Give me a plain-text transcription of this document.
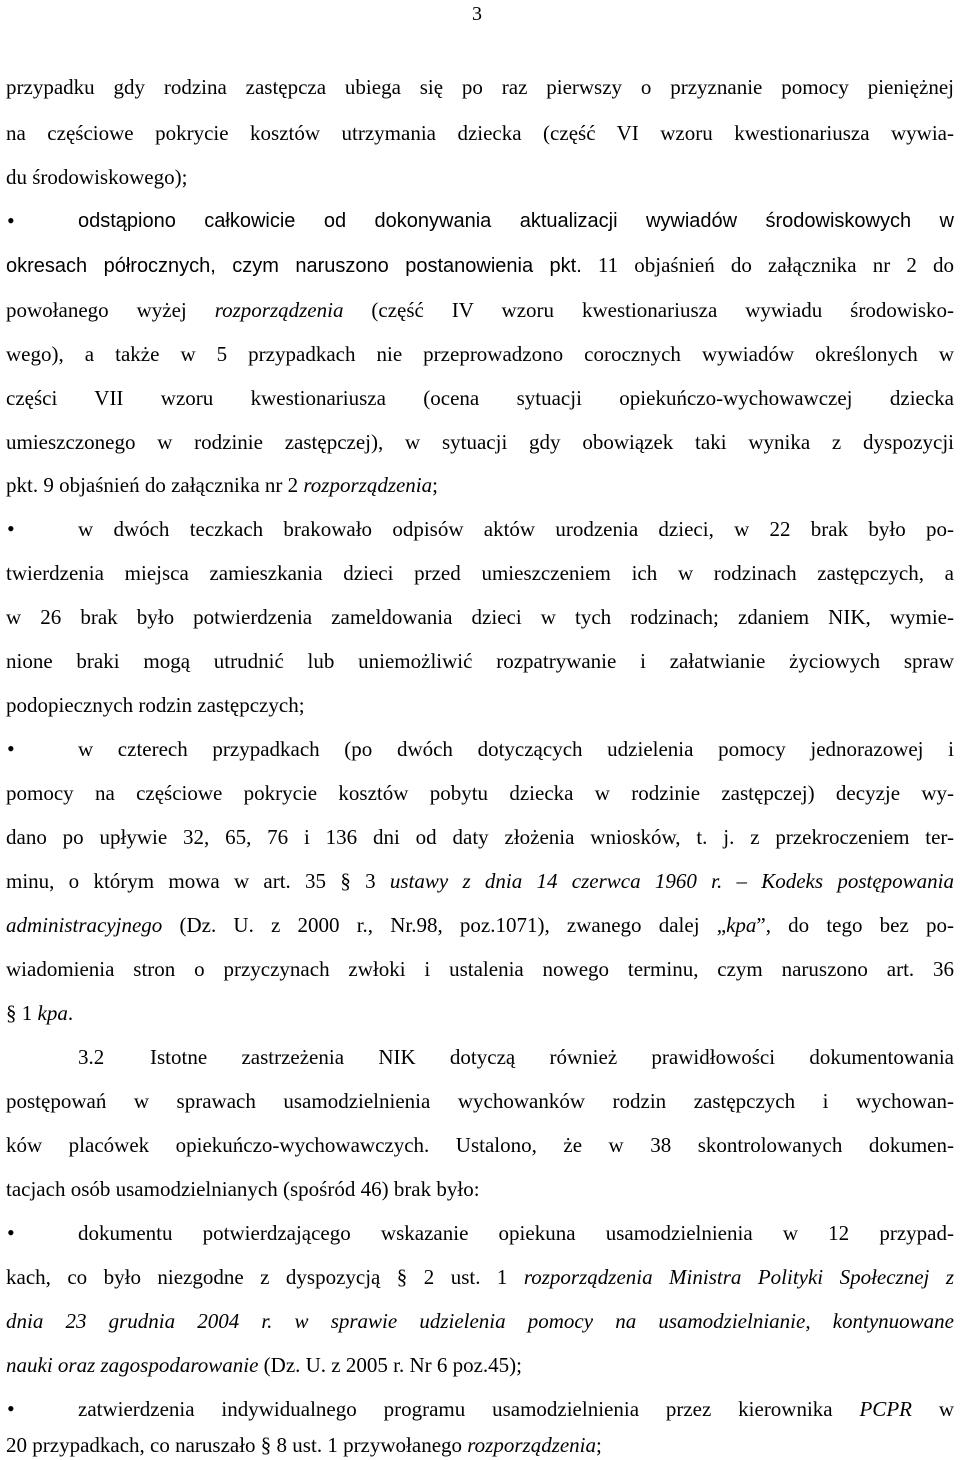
3
przypadku gdy rodzina zastępcza ubiega się po raz pierwszy o przyznanie pomocy pieniężnej
na częściowe pokrycie kosztów utrzymania dziecka (część VI wzoru kwestionariusza wywia-
du środowiskowego);
•	odstąpiono całkowicie od dokonywania aktualizacji wywiadów środowiskowych w
okresach półrocznych, czym naruszono postanowienia pkt. 11 objaśnień do załącznika nr 2 do
powołanego wyżej rozporządzenia (część IV wzoru kwestionariusza wywiadu środowisko-
wego), a także w 5 przypadkach nie przeprowadzono corocznych wywiadów określonych w
części VII wzoru kwestionariusza (ocena sytuacji opiekuńczo-wychowawczej dziecka
umieszczonego w rodzinie zastępczej), w sytuacji gdy obowiązek taki wynika z dyspozycji
pkt. 9 objaśnień do załącznika nr 2 rozporządzenia;
•	w dwóch teczkach brakowało odpisów aktów urodzenia dzieci, w 22 brak było po-
twierdzenia miejsca zamieszkania dzieci przed umieszczeniem ich w rodzinach zastępczych, a
w 26 brak było potwierdzenia zameldowania dzieci w tych rodzinach; zdaniem NIK, wymie-
nione braki mogą utrudnić lub uniemożliwić rozpatrywanie i załatwianie życiowych spraw
podopiecznych rodzin zastępczych;
•	w czterech przypadkach (po dwóch dotyczących udzielenia pomocy jednorazowej i
pomocy na częściowe pokrycie kosztów pobytu dziecka w rodzinie zastępczej) decyzje wy-
dano po upływie 32, 65, 76 i 136 dni od daty złożenia wniosków, t. j. z przekroczeniem ter-
minu, o którym mowa w art. 35 § 3 ustawy z dnia 14 czerwca 1960 r. – Kodeks postępowania
administracyjnego (Dz. U. z 2000 r., Nr.98, poz.1071), zwanego dalej „kpa”, do tego bez po-
wiadomienia stron o przyczynach zwłoki i ustalenia nowego terminu, czym naruszono art. 36
§ 1 kpa.
3.2 Istotne zastrzeżenia NIK dotyczą również prawidłowości dokumentowania
postępowań w sprawach usamodzielnienia wychowanków rodzin zastępczych i wychowan-
ków placówek opiekuńczo-wychowawczych. Ustalono, że w 38 skontrolowanych dokumen-
tacjach osób usamodzielnianych (spośród 46) brak było:
•	dokumentu potwierdzającego wskazanie opiekuna usamodzielnienia w 12 przypad-
kach, co było niezgodne z dyspozycją § 2 ust. 1 rozporządzenia Ministra Polityki Społecznej z
dnia 23 grudnia 2004 r. w sprawie udzielenia pomocy na usamodzielnianie, kontynuowane
nauki oraz zagospodarowanie (Dz. U. z 2005 r. Nr 6 poz.45);
•	zatwierdzenia indywidualnego programu usamodzielnienia przez kierownika PCPR w
20 przypadkach, co naruszało § 8 ust. 1 przywołanego rozporządzenia;
